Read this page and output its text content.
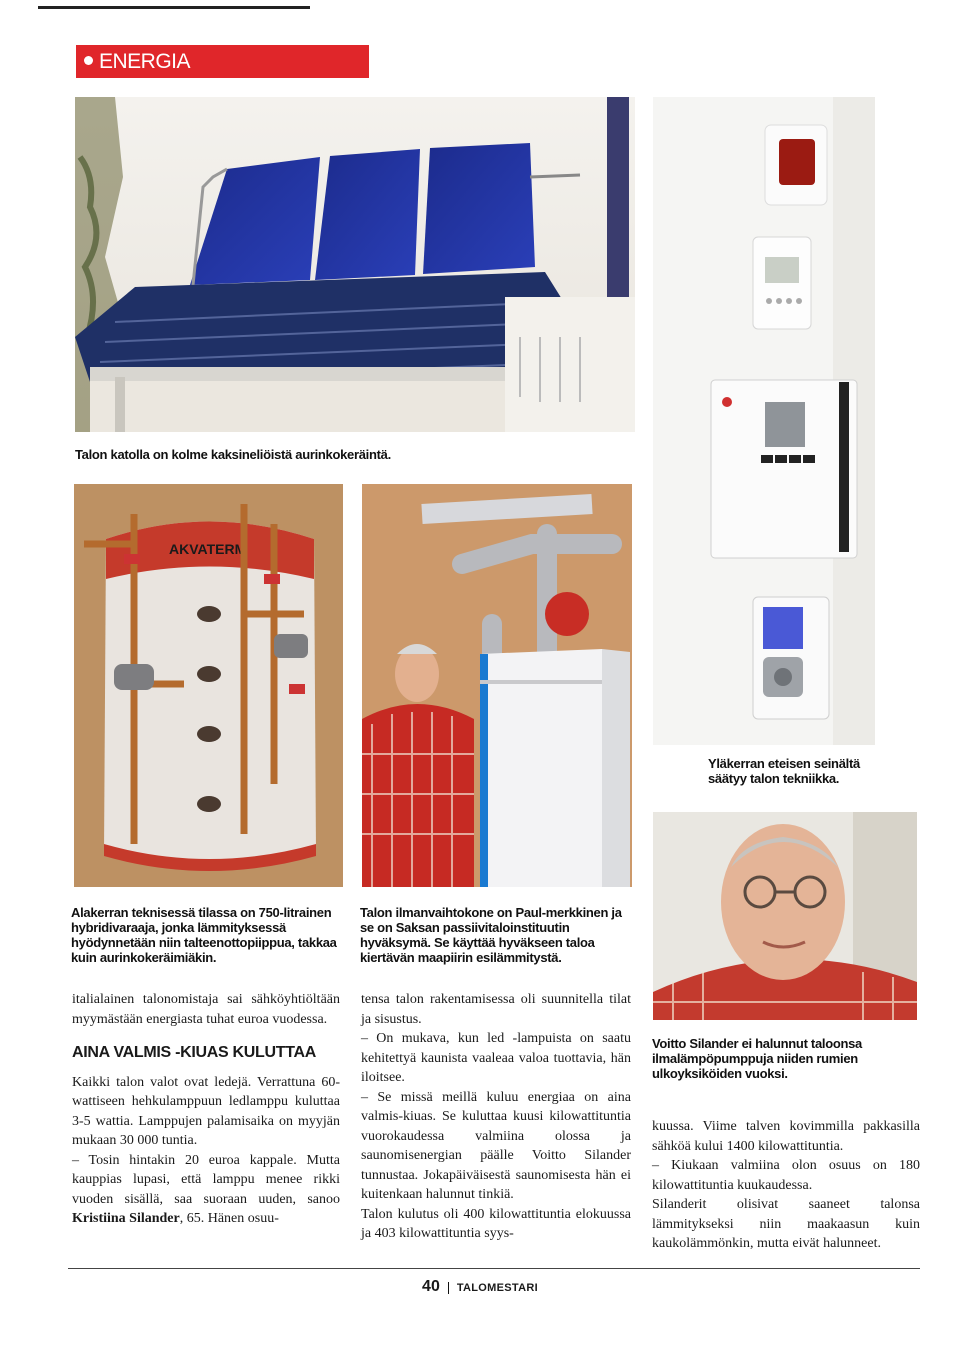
ENERGIA
Talon katolla on kolme kaksineliöistä aurinkokeräintä.
Yläkerran eteisen seinältä säätyy talon tekniikka.
AKVATERM
Alakerran teknisessä tilassa on 750-litrainen hybridivaraaja, jonka lämmityksessä hyödynnetään niin talteenottopiippua, takkaa kuin aurinkokeräimiäkin.
Talon ilmanvaihtokone on Paul-merkkinen ja se on Saksan passiivitaloinstituutin hyväksymä. Se käyttää hyväkseen taloa kiertävän maapiirin esilämmitystä.
Voitto Silander ei halunnut taloonsa ilmalämpöpumppuja niiden rumien ulkoyksiköiden vuoksi.

italialainen talonomistaja sai sähköyhtiöltään myymästään energiasta tuhat euroa vuodessa.

AINA VALMIS -KIUAS KULUTTAA

Kaikki talon valot ovat ledejä. Verrattuna 60- wattiseen hehkulamppuun ledlamppu kuluttaa 3-5 wattia. Lamppujen palamisaika on myyjän mukaan 30 000 tuntia.

– Tosin hintakin 20 euroa kappale. Mutta kauppias lupasi, että lamppu menee rikki vuoden sisällä, saa suoraan uuden, sanoo Kristiina Silander, 65. Hänen osuu-

tensa talon rakentamisessa oli suunnitella tilat ja sisustus.

– On mukava, kun led -lampuista on saatu kehitettyä kaunista vaaleaa valoa tuottavia, hän iloitsee.

– Se missä meillä kuluu energiaa on aina valmis-kiuas. Se kuluttaa kuusi kilowattituntia vuorokaudessa valmiina olossa ja saunomisenergian päälle Voitto Silander tunnustaa. Jokapäiväisestä saunomisesta hän ei kuitenkaan halunnut tinkiä.

Talon kulutus oli 400 kilowattituntia elokuussa ja 403 kilowattituntia syys-

kuussa. Viime talven kovimmilla pakkasilla sähköä kului 1400 kilowattituntia.

– Kiukaan valmiina olon osuus on 180 kilowattituntia kuukaudessa.

Silanderit olisivat saaneet talonsa lämmitykseksi niin maakaasun kuin kaukolämmönkin, mutta eivät halunneet.

40 TALOMESTARI
